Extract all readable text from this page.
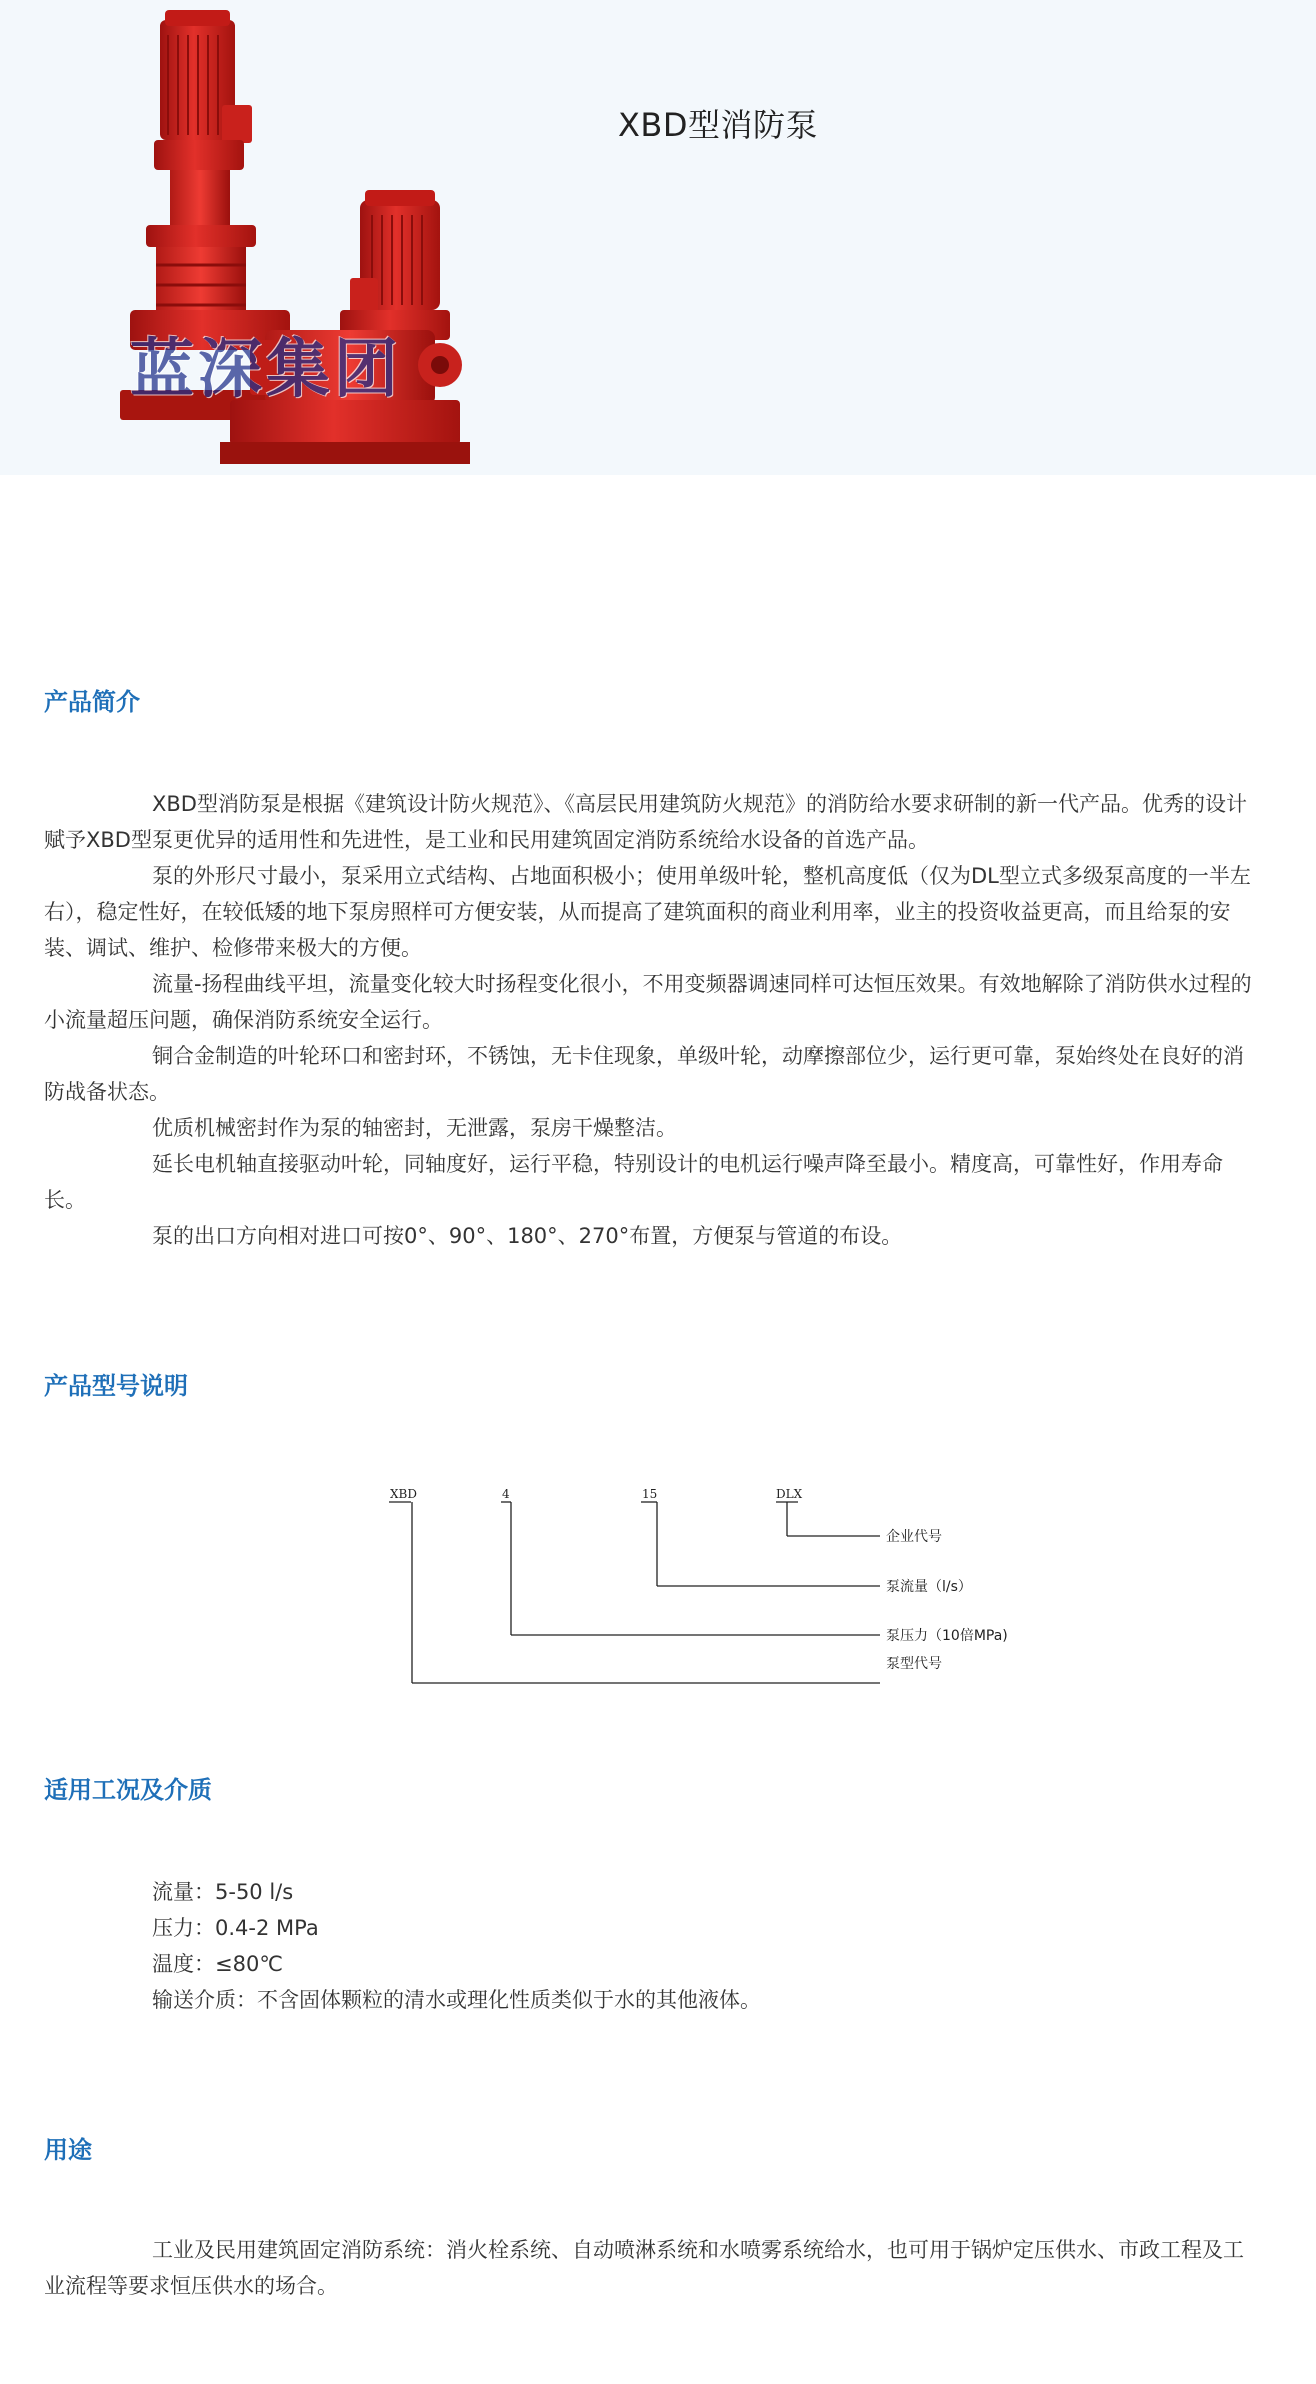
蓝深集团
XBD型消防泵
产品简介

XBD型消防泵是根据《建筑设计防火规范》、《高层民用建筑防火规范》的消防给水要求研制的新一代产品。优秀的设计赋予XBD型泵更优异的适用性和先进性，是工业和民用建筑固定消防系统给水设备的首选产品。

泵的外形尺寸最小，泵采用立式结构、占地面积极小；使用单级叶轮，整机高度低（仅为DL型立式多级泵高度的一半左右），稳定性好，在较低矮的地下泵房照样可方便安装，从而提高了建筑面积的商业利用率，业主的投资收益更高，而且给泵的安装、调试、维护、检修带来极大的方便。

流量-扬程曲线平坦，流量变化较大时扬程变化很小，不用变频器调速同样可达恒压效果。有效地解除了消防供水过程的小流量超压问题，确保消防系统安全运行。

铜合金制造的叶轮环口和密封环，不锈蚀，无卡住现象，单级叶轮，动摩擦部位少，运行更可靠，泵始终处在良好的消防战备状态。

优质机械密封作为泵的轴密封，无泄露，泵房干燥整洁。

延长电机轴直接驱动叶轮，同轴度好，运行平稳，特别设计的电机运行噪声降至最小。精度高，可靠性好，作用寿命长。

泵的出口方向相对进口可按0°、90°、180°、270°布置，方便泵与管道的布设。

产品型号说明
XBD	4	15	DLX
企业代号
泵流量（l/s）
泵压力（10倍MPa)
泵型代号
适用工况及介质
流量：5-50 l/s
压力：0.4-2 MPa
温度：≤80℃
输送介质：不含固体颗粒的清水或理化性质类似于水的其他液体。
用途

工业及民用建筑固定消防系统：消火栓系统、自动喷淋系统和水喷雾系统给水，也可用于锅炉定压供水、市政工程及工业流程等要求恒压供水的场合。
